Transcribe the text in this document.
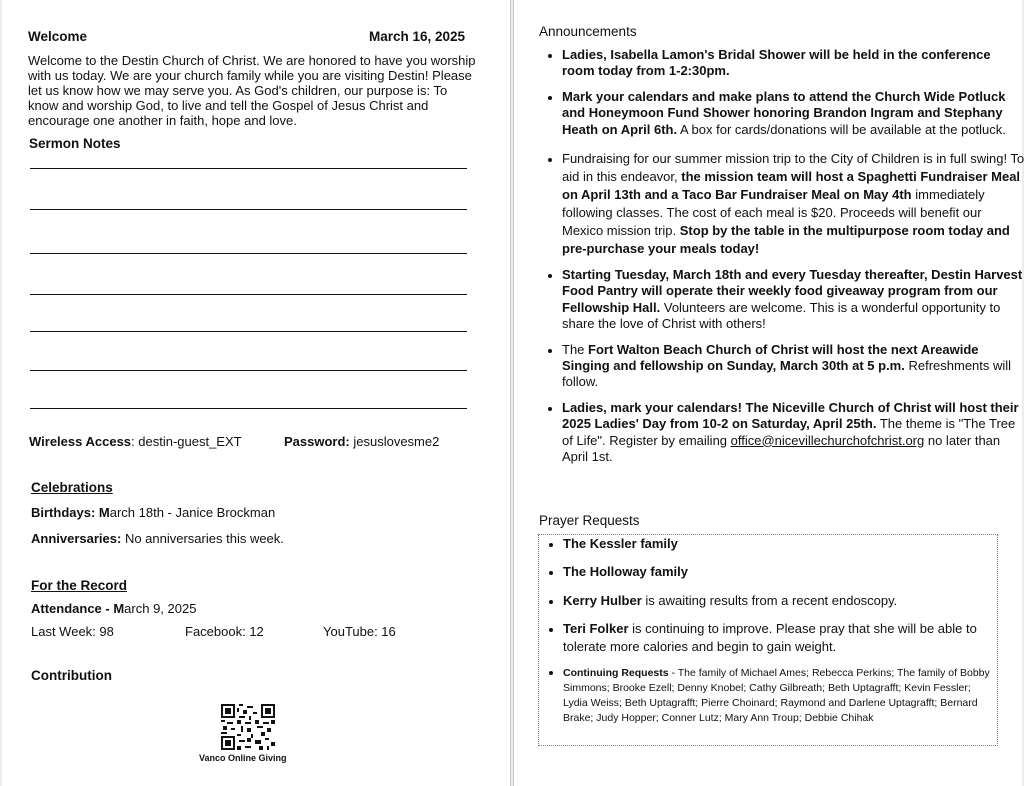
Welcome	March 16, 2025
Welcome to the Destin Church of Christ. We are honored to have you worship with us today. We are your church family while you are visiting Destin! Please let us know how we may serve you. As God's children, our purpose is: To know and worship God, to live and tell the Gospel of Jesus Christ and encourage one another in faith, hope and love.
Sermon Notes
Wireless Access: destin-guest_EXT	Password: jesuslovesme2
Celebrations
Birthdays: March 18th - Janice Brockman
Anniversaries: No anniversaries this week.
For the Record
Attendance - March 9, 2025
Last Week: 98	Facebook: 12	YouTube: 16
Contribution
Vanco Online Giving
Announcements
• Ladies, Isabella Lamon's Bridal Shower will be held in the conference room today from 1-2:30pm.
• Mark your calendars and make plans to attend the Church Wide Potluck and Honeymoon Fund Shower honoring Brandon Ingram and Stephany Heath on April 6th. A box for cards/donations will be available at the potluck.
• Fundraising for our summer mission trip to the City of Children is in full swing! To aid in this endeavor, the mission team will host a Spaghetti Fundraiser Meal on April 13th and a Taco Bar Fundraiser Meal on May 4th immediately following classes. The cost of each meal is $20. Proceeds will benefit our Mexico mission trip. Stop by the table in the multipurpose room today and pre-purchase your meals today!
• Starting Tuesday, March 18th and every Tuesday thereafter, Destin Harvest Food Pantry will operate their weekly food giveaway program from our Fellowship Hall. Volunteers are welcome. This is a wonderful opportunity to share the love of Christ with others!
• The Fort Walton Beach Church of Christ will host the next Areawide Singing and fellowship on Sunday, March 30th at 5 p.m. Refreshments will follow.
• Ladies, mark your calendars! The Niceville Church of Christ will host their 2025 Ladies' Day from 10-2 on Saturday, April 25th. The theme is "The Tree of Life". Register by emailing office@nicevillechurchofchrist.org no later than April 1st.
Prayer Requests
• The Kessler family
• The Holloway family
• Kerry Hulber is awaiting results from a recent endoscopy.
• Teri Folker is continuing to improve. Please pray that she will be able to tolerate more calories and begin to gain weight.
• Continuing Requests - The family of Michael Ames; Rebecca Perkins; The family of Bobby Simmons; Brooke Ezell; Denny Knobel; Cathy Gilbreath; Beth Uptagrafft; Kevin Fessler; Lydia Weiss; Beth Uptagrafft; Pierre Choinard; Raymond and Darlene Uptagrafft; Bernard Brake; Judy Hopper; Conner Lutz; Mary Ann Troup; Debbie Chihak
